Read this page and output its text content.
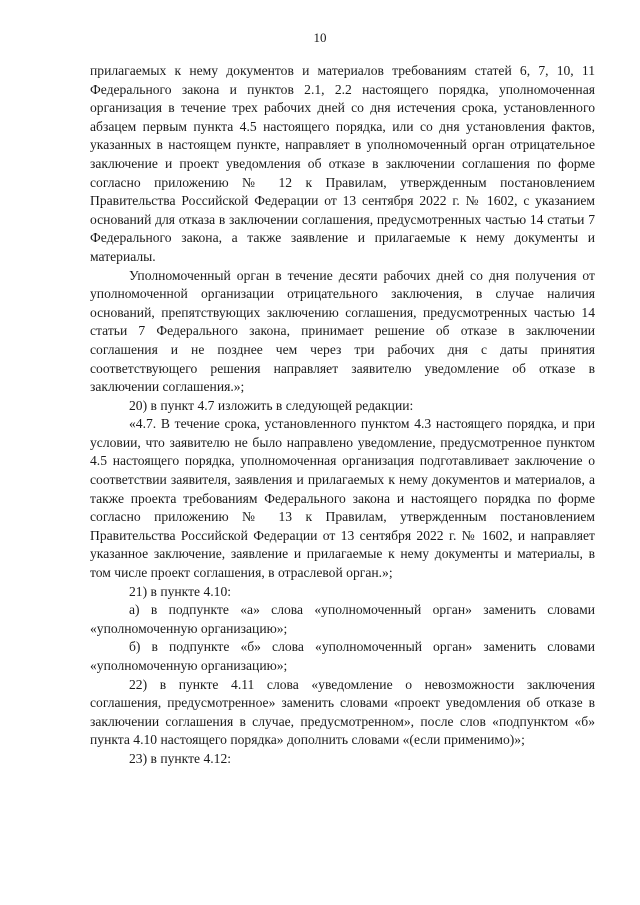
10

прилагаемых к нему документов и материалов требованиям статей 6, 7, 10, 11 Федерального закона и пунктов 2.1, 2.2 настоящего порядка, уполномоченная организация в течение трех рабочих дней со дня истечения срока, установленного абзацем первым пункта 4.5 настоящего порядка, или со дня установления фактов, указанных в настоящем пункте, направляет в уполномоченный орган отрицательное заключение и проект уведомления об отказе в заключении соглашения по форме согласно приложению № 12 к Правилам, утвержденным постановлением Правительства Российской Федерации от 13 сентября 2022 г. № 1602, с указанием оснований для отказа в заключении соглашения, предусмотренных частью 14 статьи 7 Федерального закона, а также заявление и прилагаемые к нему документы и материалы.

Уполномоченный орган в течение десяти рабочих дней со дня получения от уполномоченной организации отрицательного заключения, в случае наличия оснований, препятствующих заключению соглашения, предусмотренных частью 14 статьи 7 Федерального закона, принимает решение об отказе в заключении соглашения и не позднее чем через три рабочих дня с даты принятия соответствующего решения направляет заявителю уведомление об отказе в заключении соглашения.»;

20) в пункт 4.7 изложить в следующей редакции:

«4.7. В течение срока, установленного пунктом 4.3 настоящего порядка, и при условии, что заявителю не было направлено уведомление, предусмотренное пунктом 4.5 настоящего порядка, уполномоченная организация подготавливает заключение о соответствии заявителя, заявления и прилагаемых к нему документов и материалов, а также проекта требованиям Федерального закона и настоящего порядка по форме согласно приложению № 13 к Правилам, утвержденным постановлением Правительства Российской Федерации от 13 сентября 2022 г. № 1602, и направляет указанное заключение, заявление и прилагаемые к нему документы и материалы, в том числе проект соглашения, в отраслевой орган.»;

21) в пункте 4.10:

а) в подпункте «а» слова «уполномоченный орган» заменить словами «уполномоченную организацию»;

б) в подпункте «б» слова «уполномоченный орган» заменить словами «уполномоченную организацию»;

22) в пункте 4.11 слова «уведомление о невозможности заключения соглашения, предусмотренное» заменить словами «проект уведомления об отказе в заключении соглашения в случае, предусмотренном», после слов «подпунктом «б» пункта 4.10 настоящего порядка» дополнить словами «(если применимо)»;

23) в пункте 4.12:
